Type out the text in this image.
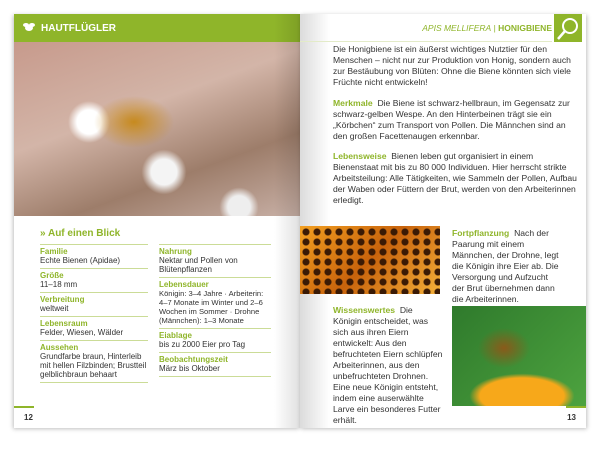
HAUTFLÜGLER
» Auf einen Blick
Familie
Echte Bienen (Apidae)
Größe
11–18 mm
Verbreitung
weltweit
Lebensraum
Felder, Wiesen, Wälder
Aussehen
Grundfarbe braun, Hinterleib mit hellen Filzbinden; Brustteil gelblichbraun behaart
Nahrung
Nektar und Pollen von Blütenpflanzen
Lebensdauer
Königin: 3–4 Jahre · Arbeiterin: 4–7 Monate im Winter und 2–6 Wochen im Sommer · Drohne (Männchen): 1–3 Monate
Eiablage
bis zu 2000 Eier pro Tag
Beobachtungszeit
März bis Oktober
12
APIS MELLIFERA | HONIGBIENE
Die Honigbiene ist ein äußerst wichtiges Nutztier für den Menschen – nicht nur zur Produktion von Honig, sondern auch zur Bestäubung von Blüten: Ohne die Biene könnten sich viele Früchte nicht entwickeln!
Merkmale Die Biene ist schwarz-hellbraun, im Gegensatz zur schwarz-gelben Wespe. An den Hinterbeinen trägt sie ein „Körbchen“ zum Transport von Pollen. Die Männchen sind an den großen Facettenaugen erkennbar.
Lebensweise Bienen leben gut organisiert in einem Bienenstaat mit bis zu 80 000 Individuen. Hier herrscht strikte Arbeitsteilung: Alle Tätigkeiten, wie Sammeln der Pollen, Aufbau der Waben oder Füttern der Brut, werden von den Arbeiterinnen erledigt.
Fortpflanzung Nach der Paarung mit einem Männchen, der Drohne, legt die Königin ihre Eier ab. Die Versorgung und Aufzucht der Brut übernehmen dann die Arbeiterinnen.
Wissenswertes Die Königin entscheidet, was sich aus ihren Eiern entwickelt: Aus den befruchteten Eiern schlüpfen Arbeiterinnen, aus den unbefruchteten Drohnen. Eine neue Königin entsteht, indem eine auserwählte Larve ein besonderes Futter erhält.	13
